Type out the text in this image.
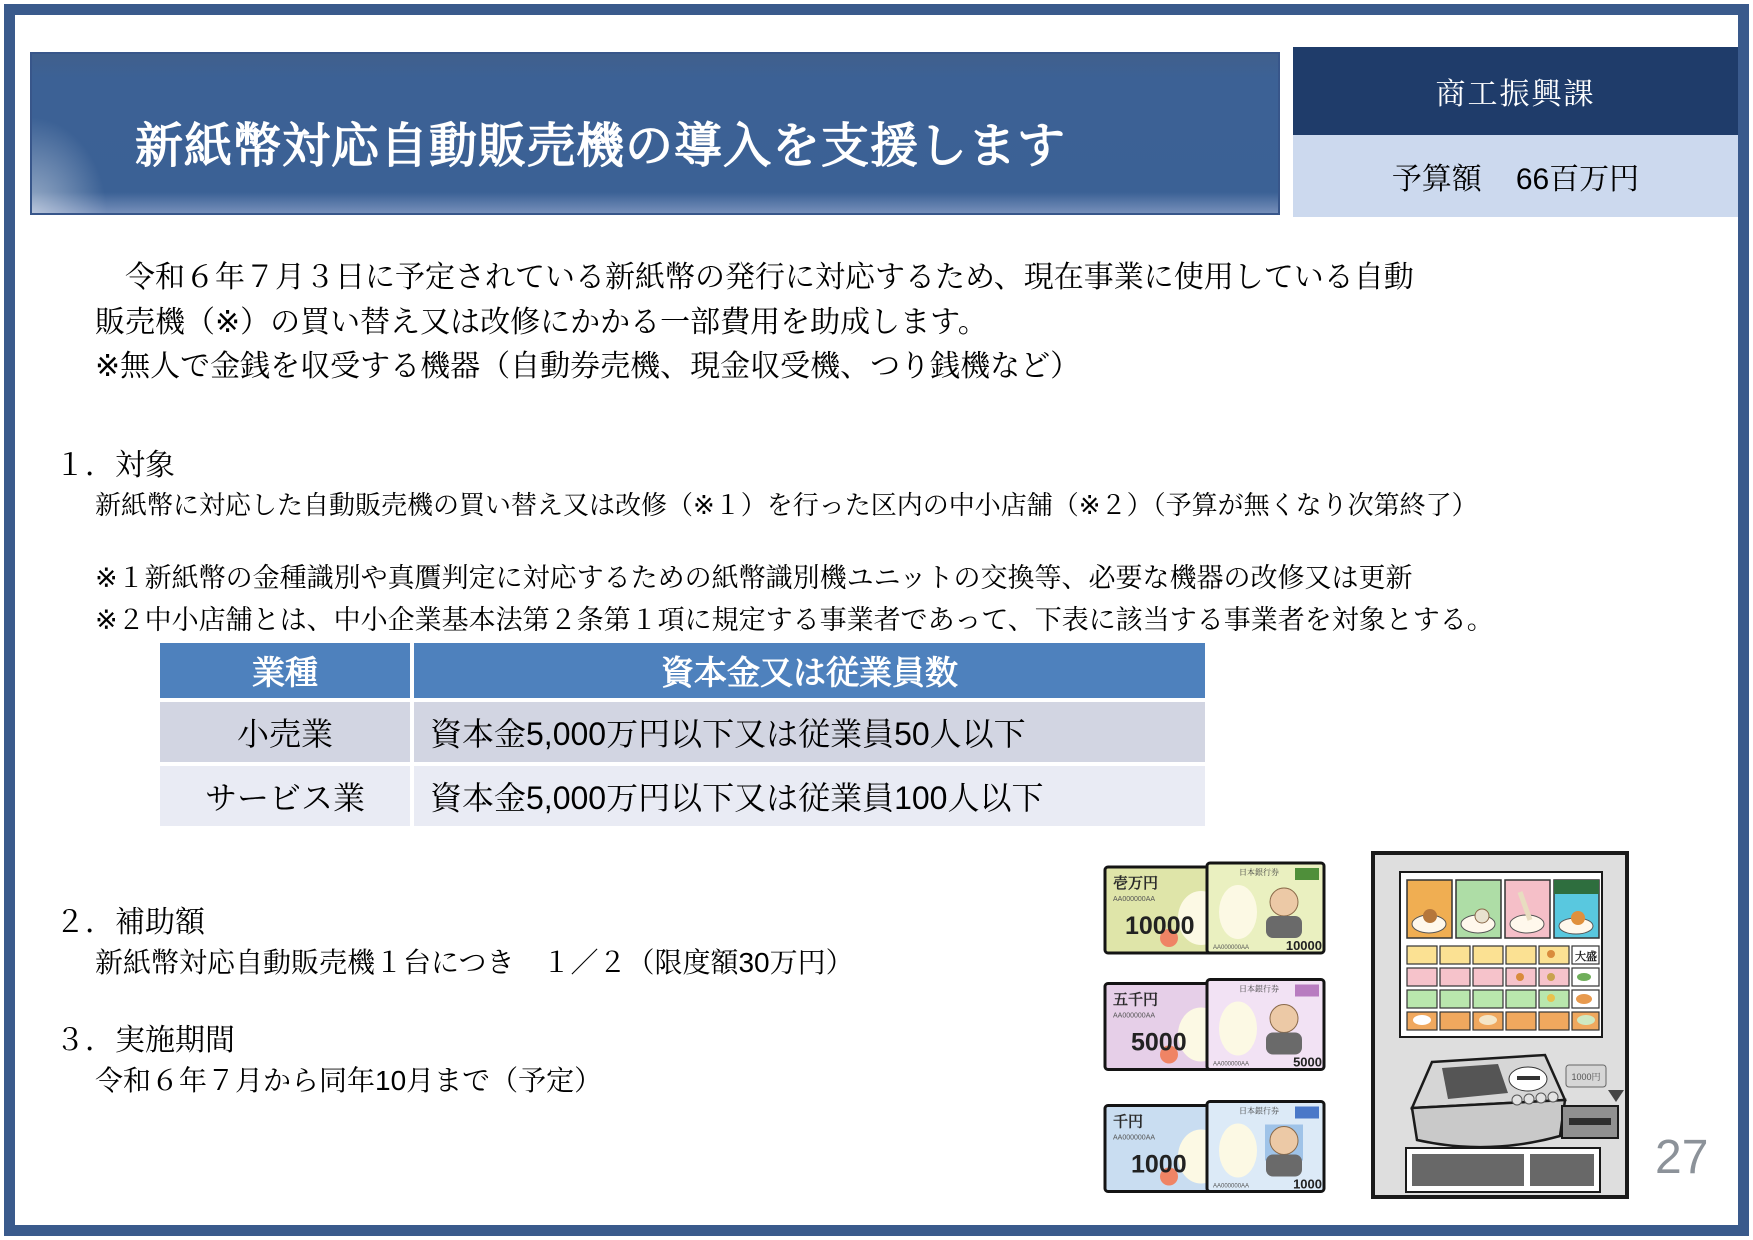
新紙幣対応自動販売機の導入を支援します
商工振興課
予算額 66百万円
　令和６年７月３日に予定されている新紙幣の発行に対応するため、現在事業に使用している自動
販売機（※）の買い替え又は改修にかかる一部費用を助成します。
※無人で金銭を収受する機器（自動券売機、現金収受機、つり銭機など）
１．対象
新紙幣に対応した自動販売機の買い替え又は改修（※１）を行った区内の中小店舗（※２）（予算が無くなり次第終了）
※１新紙幣の金種識別や真贋判定に対応するための紙幣識別機ユニットの交換等、必要な機器の改修又は更新
※２中小店舗とは、中小企業基本法第２条第１項に規定する事業者であって、下表に該当する事業者を対象とする。
業種	資本金又は従業員数
小売業	資本金5,000万円以下又は従業員50人以下
サービス業	資本金5,000万円以下又は従業員100人以下
２．補助額
新紙幣対応自動販売機１台につき　１／２（限度額30万円）
３．実施期間
令和６年７月から同年10月まで（予定）
壱万円
AA000000AA
10000
日本銀行券
AA000000AA	10000
五千円
AA000000AA
5000
日本銀行券
AA000000AA	5000
千円
AA000000AA
1000
日本銀行券
AA000000AA	1000
大盛
1000円
27
